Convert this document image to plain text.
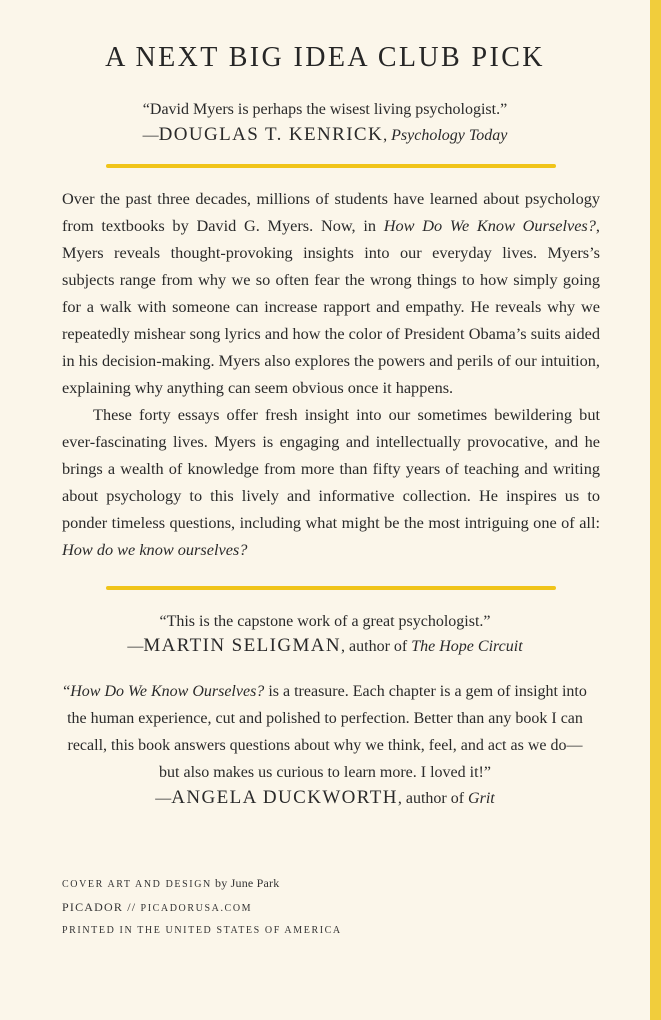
A NEXT BIG IDEA CLUB PICK
“David Myers is perhaps the wisest living psychologist.”
—DOUGLAS T. KENRICK, Psychology Today

Over the past three decades, millions of students have learned about psychology from textbooks by David G. Myers. Now, in How Do We Know Ourselves?, Myers reveals thought-provoking insights into our everyday lives. Myers’s subjects range from why we so often fear the wrong things to how simply going for a walk with someone can increase rapport and empathy. He reveals why we repeatedly mishear song lyrics and how the color of President Obama’s suits aided in his decision-making. Myers also explores the powers and perils of our intuition, explaining why anything can seem obvious once it happens.

These forty essays offer fresh insight into our sometimes bewildering but ever-fascinating lives. Myers is engaging and intellectually provocative, and he brings a wealth of knowledge from more than fifty years of teaching and writing about psychology to this lively and informative collection. He inspires us to ponder timeless questions, including what might be the most intriguing one of all: How do we know ourselves?

“This is the capstone work of a great psychologist.”
—MARTIN SELIGMAN, author of The Hope Circuit
“How Do We Know Ourselves? is a treasure. Each chapter is a gem of insight into the human experience, cut and polished to perfection. Better than any book I can recall, this book answers questions about why we think, feel, and act as we do—but also makes us curious to learn more. I loved it!”
—ANGELA DUCKWORTH, author of Grit
COVER ART AND DESIGN by June Park
PICADOR // PICADORUSA.COM
PRINTED IN THE UNITED STATES OF AMERICA
